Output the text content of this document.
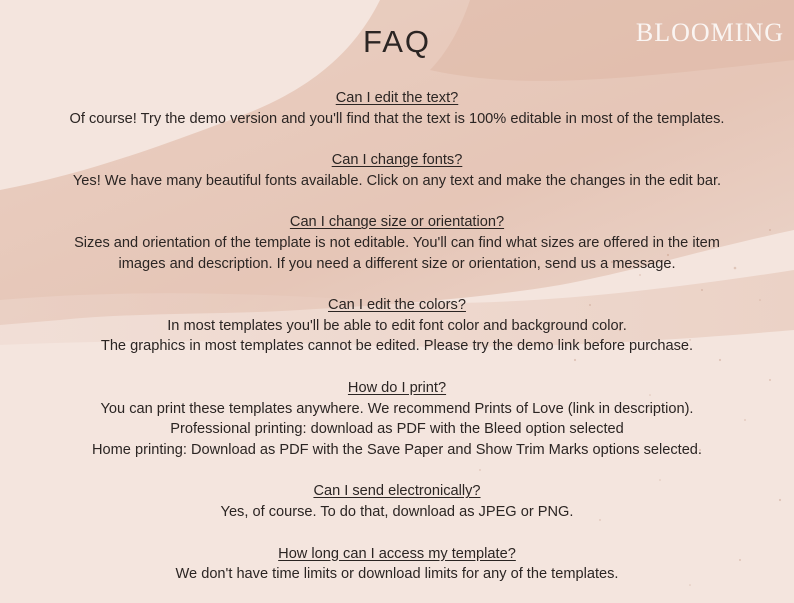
BLOOMING
FAQ
Can I edit the text?
Of course! Try the demo version and you'll find that the text is 100% editable in most of the templates.
Can I change fonts?
Yes! We have many beautiful fonts available. Click on any text and make the changes in the edit bar.
Can I change size or orientation?
Sizes and orientation of the template is not editable. You'll can find what sizes are offered in the item
images and description. If you need a different size or orientation, send us a message.
Can I edit the colors?
In most templates you'll be able to edit font color and background color.
The graphics in most templates cannot be edited. Please try the demo link before purchase.
How do I print?
You can print these templates anywhere. We recommend Prints of Love (link in description).
Professional printing: download as PDF with the Bleed option selected
Home printing: Download as PDF with the Save Paper and Show Trim Marks options selected.
Can I send electronically?
Yes, of course. To do that, download as JPEG or PNG.
How long can I access my template?
We don't have time limits or download limits for any of the templates.
